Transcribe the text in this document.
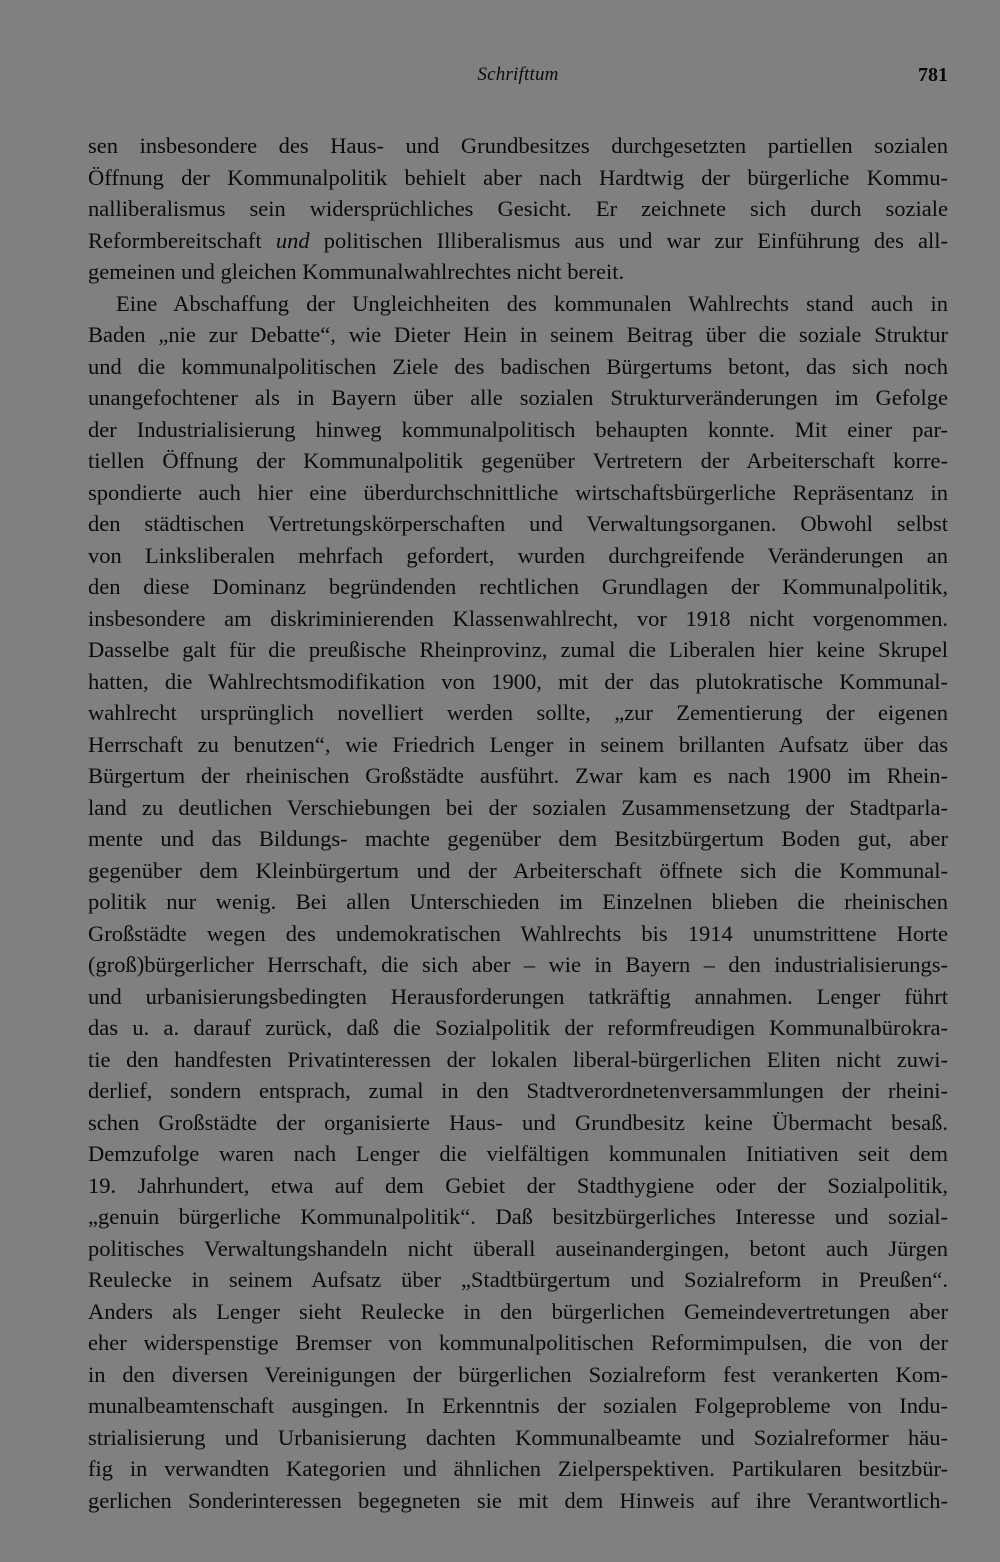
Schrifttum	781
sen insbesondere des Haus- und Grundbesitzes durchgesetzten partiellen sozialen
Öffnung der Kommunalpolitik behielt aber nach Hardtwig der bürgerliche Kommu-
nalliberalismus sein widersprüchliches Gesicht. Er zeichnete sich durch soziale
Reformbereitschaft und politischen Illiberalismus aus und war zur Einführung des all-
gemeinen und gleichen Kommunalwahlrechtes nicht bereit.
Eine Abschaffung der Ungleichheiten des kommunalen Wahlrechts stand auch in
Baden „nie zur Debatte“, wie Dieter Hein in seinem Beitrag über die soziale Struktur
und die kommunalpolitischen Ziele des badischen Bürgertums betont, das sich noch
unangefochtener als in Bayern über alle sozialen Strukturveränderungen im Gefolge
der Industrialisierung hinweg kommunalpolitisch behaupten konnte. Mit einer par-
tiellen Öffnung der Kommunalpolitik gegenüber Vertretern der Arbeiterschaft korre-
spondierte auch hier eine überdurchschnittliche wirtschaftsbürgerliche Repräsentanz in
den städtischen Vertretungskörperschaften und Verwaltungsorganen. Obwohl selbst
von Linksliberalen mehrfach gefordert, wurden durchgreifende Veränderungen an
den diese Dominanz begründenden rechtlichen Grundlagen der Kommunalpolitik,
insbesondere am diskriminierenden Klassenwahlrecht, vor 1918 nicht vorgenommen.
Dasselbe galt für die preußische Rheinprovinz, zumal die Liberalen hier keine Skrupel
hatten, die Wahlrechtsmodifikation von 1900, mit der das plutokratische Kommunal-
wahlrecht ursprünglich novelliert werden sollte, „zur Zementierung der eigenen
Herrschaft zu benutzen“, wie Friedrich Lenger in seinem brillanten Aufsatz über das
Bürgertum der rheinischen Großstädte ausführt. Zwar kam es nach 1900 im Rhein-
land zu deutlichen Verschiebungen bei der sozialen Zusammensetzung der Stadtparla-
mente und das Bildungs- machte gegenüber dem Besitzbürgertum Boden gut, aber
gegenüber dem Kleinbürgertum und der Arbeiterschaft öffnete sich die Kommunal-
politik nur wenig. Bei allen Unterschieden im Einzelnen blieben die rheinischen
Großstädte wegen des undemokratischen Wahlrechts bis 1914 unumstrittene Horte
(groß)bürgerlicher Herrschaft, die sich aber – wie in Bayern – den industrialisierungs-
und urbanisierungsbedingten Herausforderungen tatkräftig annahmen. Lenger führt
das u. a. darauf zurück, daß die Sozialpolitik der reformfreudigen Kommunalbürokra-
tie den handfesten Privatinteressen der lokalen liberal-bürgerlichen Eliten nicht zuwi-
derlief, sondern entsprach, zumal in den Stadtverordnetenversammlungen der rheini-
schen Großstädte der organisierte Haus- und Grundbesitz keine Übermacht besaß.
Demzufolge waren nach Lenger die vielfältigen kommunalen Initiativen seit dem
19. Jahrhundert, etwa auf dem Gebiet der Stadthygiene oder der Sozialpolitik,
„genuin bürgerliche Kommunalpolitik“. Daß besitzbürgerliches Interesse und sozial-
politisches Verwaltungshandeln nicht überall auseinandergingen, betont auch Jürgen
Reulecke in seinem Aufsatz über „Stadtbürgertum und Sozialreform in Preußen“.
Anders als Lenger sieht Reulecke in den bürgerlichen Gemeindevertretungen aber
eher widerspenstige Bremser von kommunalpolitischen Reformimpulsen, die von der
in den diversen Vereinigungen der bürgerlichen Sozialreform fest verankerten Kom-
munalbeamtenschaft ausgingen. In Erkenntnis der sozialen Folgeprobleme von Indu-
strialisierung und Urbanisierung dachten Kommunalbeamte und Sozialreformer häu-
fig in verwandten Kategorien und ähnlichen Zielperspektiven. Partikularen besitzbür-
gerlichen Sonderinteressen begegneten sie mit dem Hinweis auf ihre Verantwortlich-
